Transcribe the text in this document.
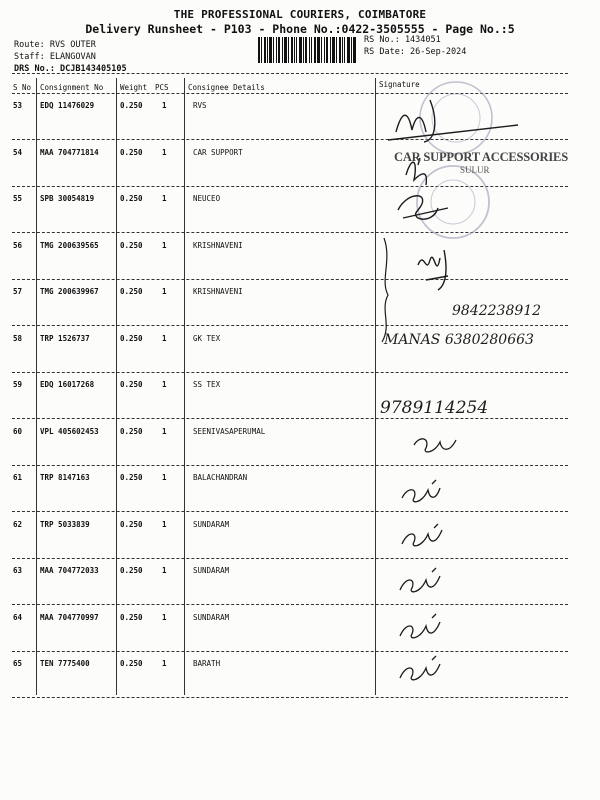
THE PROFESSIONAL COURIERS, COIMBATORE
Delivery Runsheet - P103 - Phone No.:0422-3505555 - Page No.:5
Route: RVS OUTER
Staff: ELANGOVAN
DRS No.: DCJB143405105
RS No.: 1434051
RS Date: 26-Sep-2024
S No Consignment No Weight PCS	Consignee Details	Signature
53 EDQ 11476029	0.250	1	RVS
54 MAA 704771814	0.250	1	CAR SUPPORT
55 SPB 30054819	0.250	1	NEUCEO
56 TMG 200639565	0.250	1	KRISHNAVENI
57 TMG 200639967	0.250	1	KRISHNAVENI
58 TRP 1526737	0.250	1	GK TEX
59 EDQ 16017268	0.250	1	SS TEX
60 VPL 405602453	0.250	1	SEENIVASAPERUMAL
61 TRP 8147163	0.250	1	BALACHANDRAN
62 TRP 5033839	0.250	1	SUNDARAM
63 MAA 704772033	0.250	1	SUNDARAM
64 MAA 704770997	0.250	1	SUNDARAM
65 TEN 7775400	0.250	1	BARATH
CAR SUPPORT ACCESSORIES
SULUR
9842238912
MANAS 6380280663
9789114254
